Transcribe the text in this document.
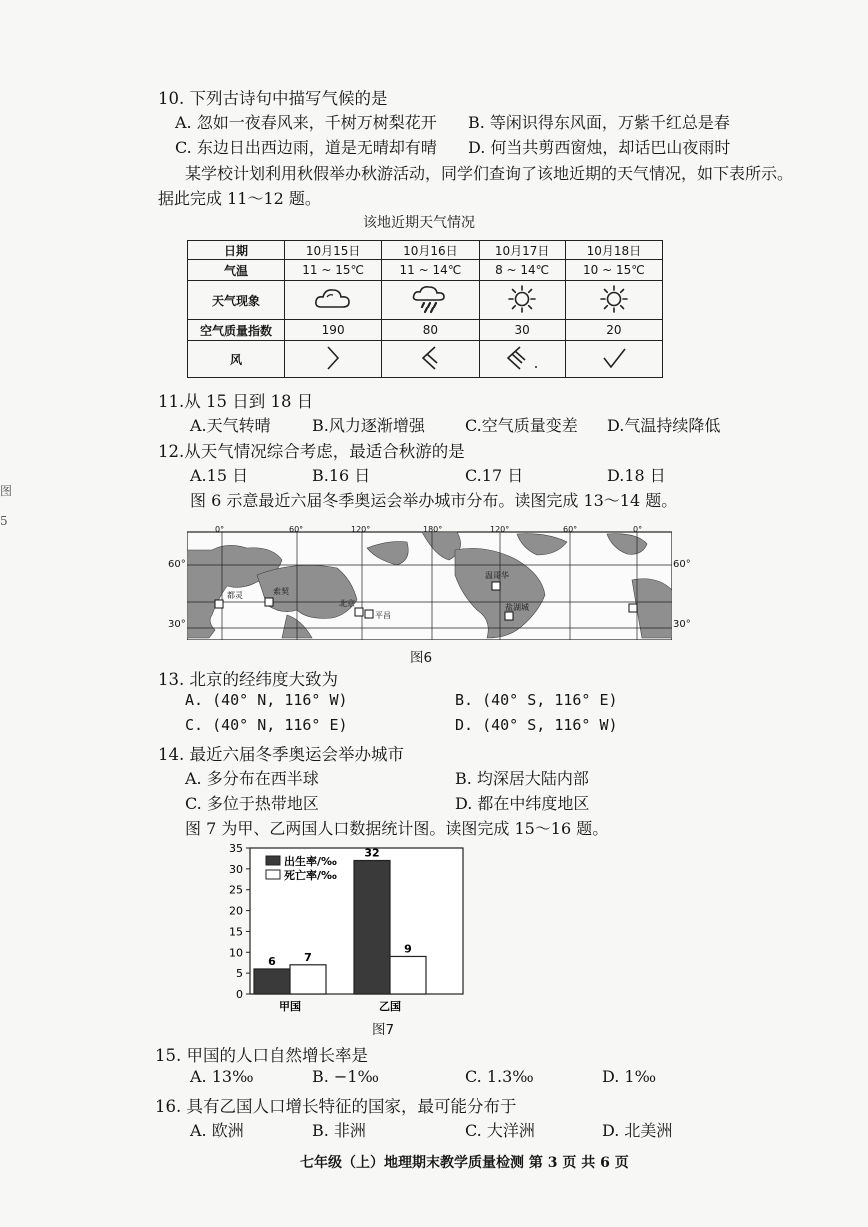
图
5
10. 下列古诗句中描写气候的是
A. 忽如一夜春风来，千树万树梨花开 B. 等闲识得东风面，万紫千红总是春
C. 东边日出西边雨，道是无晴却有晴 D. 何当共剪西窗烛，却话巴山夜雨时
某学校计划利用秋假举办秋游活动，同学们查询了该地近期的天气情况，如下表所示。
据此完成 11～12 题。
该地近期天气情况
日期	10月15日	10月16日	10月17日	10月18日
气温	11 ~ 15℃	11 ~ 14℃	8 ~ 14℃	10 ~ 15℃
天气现象				
空气质量指数	190	80	30	20
风				
11.从 15 日到 18 日
A.天气转晴	B.风力逐渐增强	C.空气质量变差 D.气温持续降低
12.从天气情况综合考虑，最适合秋游的是
A.15 日	B.16 日	C.17 日	D.18 日
图 6 示意最近六届冬季奥运会举办城市分布。读图完成 13～14 题。
0°	60°	120°	180°	120°	60°	0°
都灵	索契
北京
平昌
温哥华
盐湖城
60°
30°
60°
30°
图6
13. 北京的经纬度大致为
A. (40° N, 116° W)	B. (40° S, 116° E)
C. (40° N, 116° E)	D. (40° S, 116° W)
14. 最近六届冬季奥运会举办城市
A. 多分布在西半球	B. 均深居大陆内部
C. 多位于热带地区	D. 都在中纬度地区
图 7 为甲、乙两国人口数据统计图。读图完成 15～16 题。
0
5
10
15
20
25
30
35
6	7
甲国
32
9
乙国
出生率/‰
死亡率/‰
图7
15. 甲国的人口自然增长率是
A. 13‰	B. −1‰	C. 1.3‰	D. 1‰
16. 具有乙国人口增长特征的国家，最可能分布于
A. 欧洲	B. 非洲	C. 大洋洲	D. 北美洲
七年级（上）地理期末教学质量检测 第 3 页 共 6 页
